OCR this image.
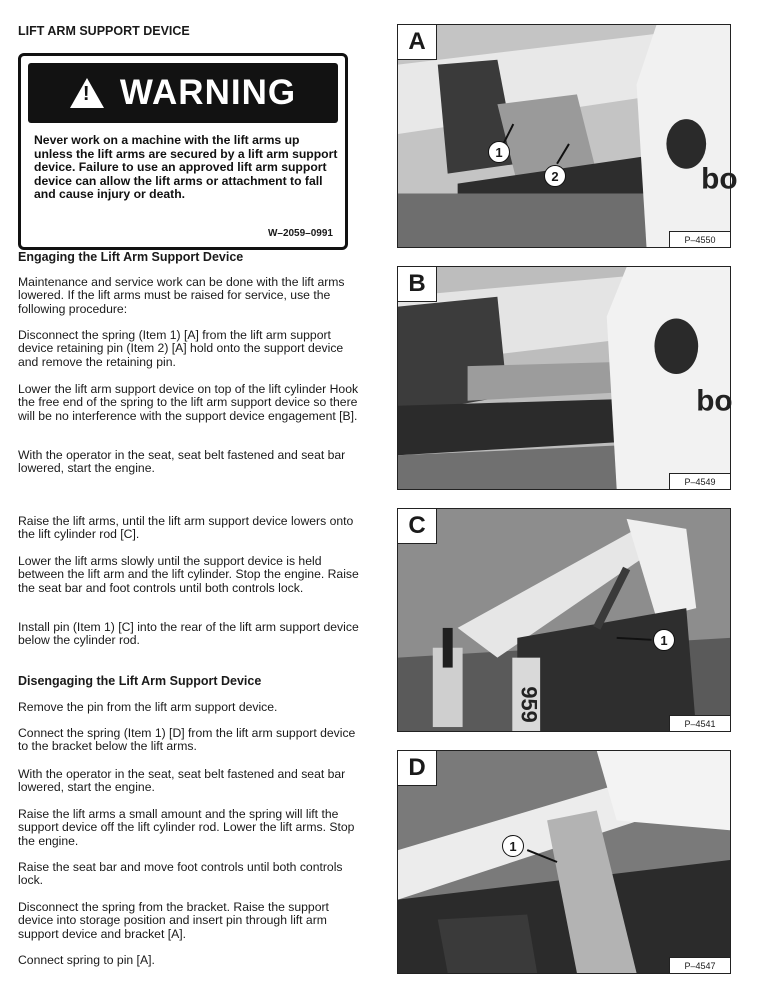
LIFT ARM SUPPORT DEVICE
! WARNING
Never work on a machine with the lift arms up unless the lift arms are secured by a lift arm support device. Failure to use an approved lift arm support device can allow the lift arms or attachment to fall and cause injury or death.
W–2059–0991
Engaging the Lift Arm Support Device

Maintenance and service work can be done with the lift arms lowered. If the lift arms must be raised for service, use the following procedure:

Disconnect the spring (Item 1) [A] from the lift arm support device retaining pin (Item 2) [A] hold onto the support device and remove the retaining pin.

Lower the lift arm support device on top of the lift cylinder Hook the free end of the spring to the lift arm support device so there will be no interference with the support device engagement [B].

With the operator in the seat, seat belt fastened and seat bar lowered, start the engine.

Raise the lift arms, until the lift arm support device lowers onto the lift cylinder rod [C].

Lower the lift arms slowly until the support device is held between the lift arm and the lift cylinder. Stop the engine. Raise the seat bar and foot controls until both controls lock.

Install pin (Item 1) [C] into the rear of the lift arm support device below the cylinder rod.

Disengaging the Lift Arm Support Device

Remove the pin from the lift arm support device.

Connect the spring (Item 1) [D] from the lift arm support device to the bracket below the lift arms.

With the operator in the seat, seat belt fastened and seat bar lowered, start the engine.

Raise the lift arms a small amount and the spring will lift the support device off the lift cylinder rod. Lower the lift arms. Stop the engine.

Raise the seat bar and move foot controls until both controls lock.

Disconnect the spring from the bracket. Raise the support device into storage position and insert pin through lift arm support device and bracket [A].

Connect spring to pin [A].

bo
A
1
2
P–4550
bo
B
P–4549
959
C
1
P–4541
D
1
P–4547
